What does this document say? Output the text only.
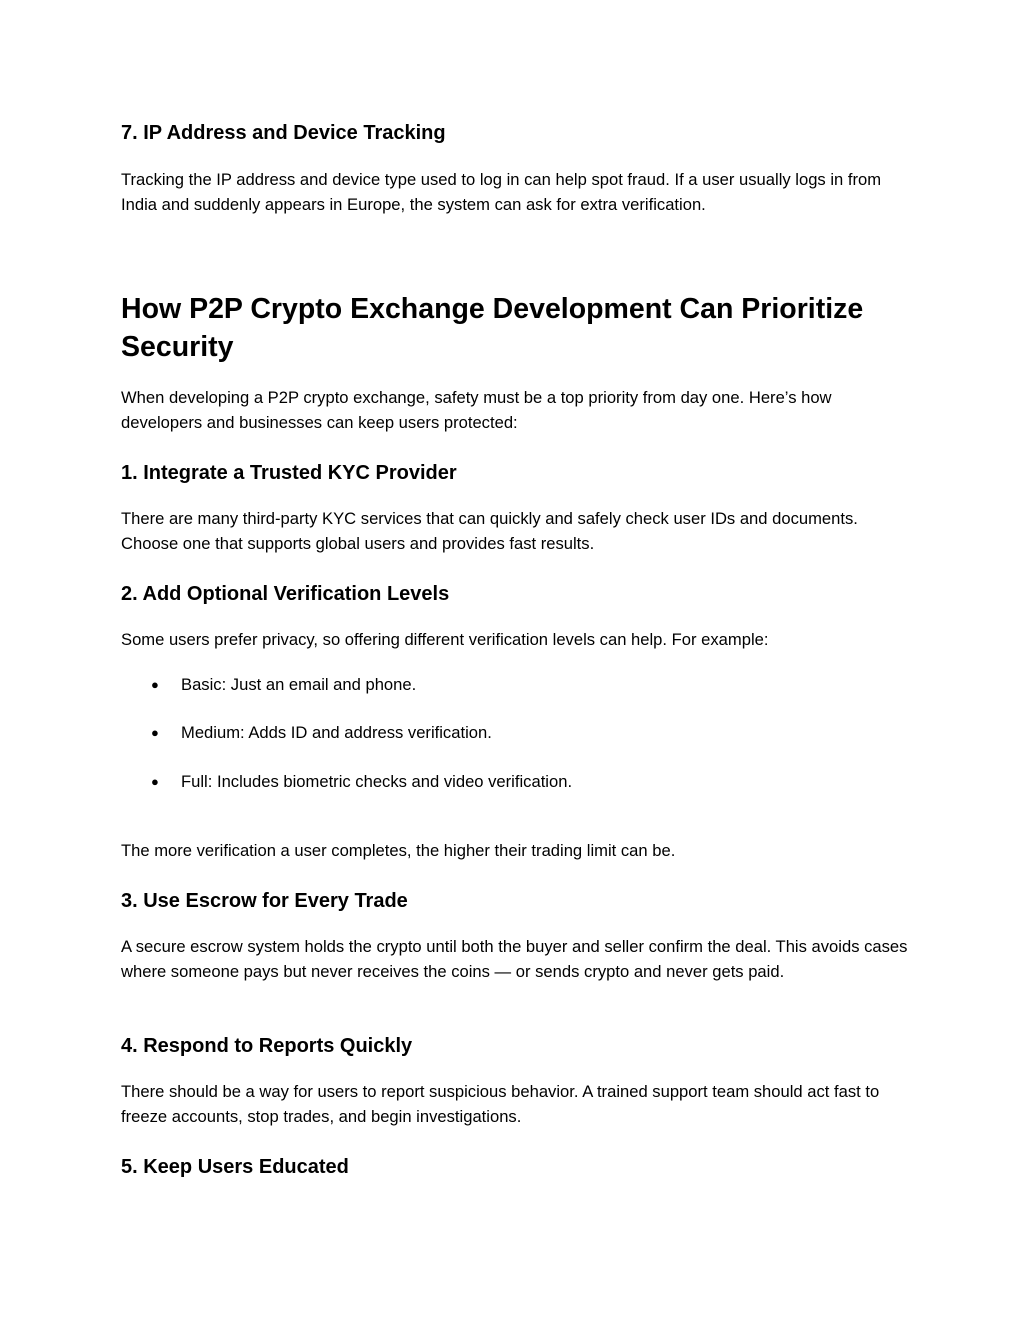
7. IP Address and Device Tracking

Tracking the IP address and device type used to log in can help spot fraud. If a user usually logs in from India and suddenly appears in Europe, the system can ask for extra verification.

How P2P Crypto Exchange Development Can Prioritize Security

When developing a P2P crypto exchange, safety must be a top priority from day one. Here’s how developers and businesses can keep users protected:

1. Integrate a Trusted KYC Provider

There are many third-party KYC services that can quickly and safely check user IDs and documents. Choose one that supports global users and provides fast results.

2. Add Optional Verification Levels

Some users prefer privacy, so offering different verification levels can help. For example:

● Basic: Just an email and phone.
● Medium: Adds ID and address verification.
● Full: Includes biometric checks and video verification.

The more verification a user completes, the higher their trading limit can be.

3. Use Escrow for Every Trade

A secure escrow system holds the crypto until both the buyer and seller confirm the deal. This avoids cases where someone pays but never receives the coins — or sends crypto and never gets paid.

4. Respond to Reports Quickly

There should be a way for users to report suspicious behavior. A trained support team should act fast to freeze accounts, stop trades, and begin investigations.

5. Keep Users Educated
